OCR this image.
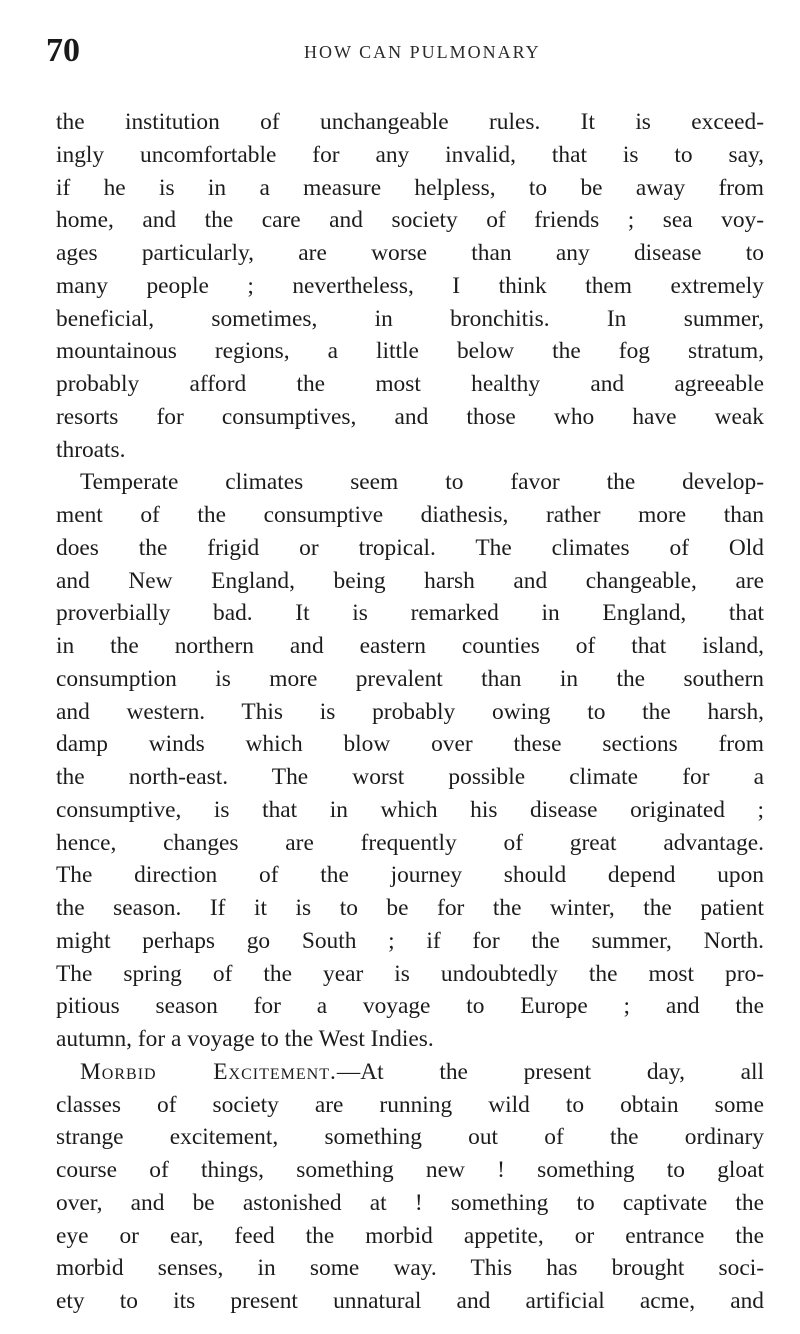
70	HOW CAN PULMONARY
the institution of unchangeable rules. It is exceed-
ingly uncomfortable for any invalid, that is to say,
if he is in a measure helpless, to be away from
home, and the care and society of friends ; sea voy-
ages particularly, are worse than any disease to
many people ; nevertheless, I think them extremely
beneficial, sometimes, in bronchitis. In summer,
mountainous regions, a little below the fog stratum,
probably afford the most healthy and agreeable
resorts for consumptives, and those who have weak
throats.
Temperate climates seem to favor the develop-
ment of the consumptive diathesis, rather more than
does the frigid or tropical. The climates of Old
and New England, being harsh and changeable, are
proverbially bad. It is remarked in England, that
in the northern and eastern counties of that island,
consumption is more prevalent than in the southern
and western. This is probably owing to the harsh,
damp winds which blow over these sections from
the north-east. The worst possible climate for a
consumptive, is that in which his disease originated ;
hence, changes are frequently of great advantage.
The direction of the journey should depend upon
the season. If it is to be for the winter, the patient
might perhaps go South ; if for the summer, North.
The spring of the year is undoubtedly the most pro-
pitious season for a voyage to Europe ; and the
autumn, for a voyage to the West Indies.
Morbid Excitement.—At the present day, all
classes of society are running wild to obtain some
strange excitement, something out of the ordinary
course of things, something new ! something to gloat
over, and be astonished at ! something to captivate the
eye or ear, feed the morbid appetite, or entrance the
morbid senses, in some way. This has brought soci-
ety to its present unnatural and artificial acme, and
